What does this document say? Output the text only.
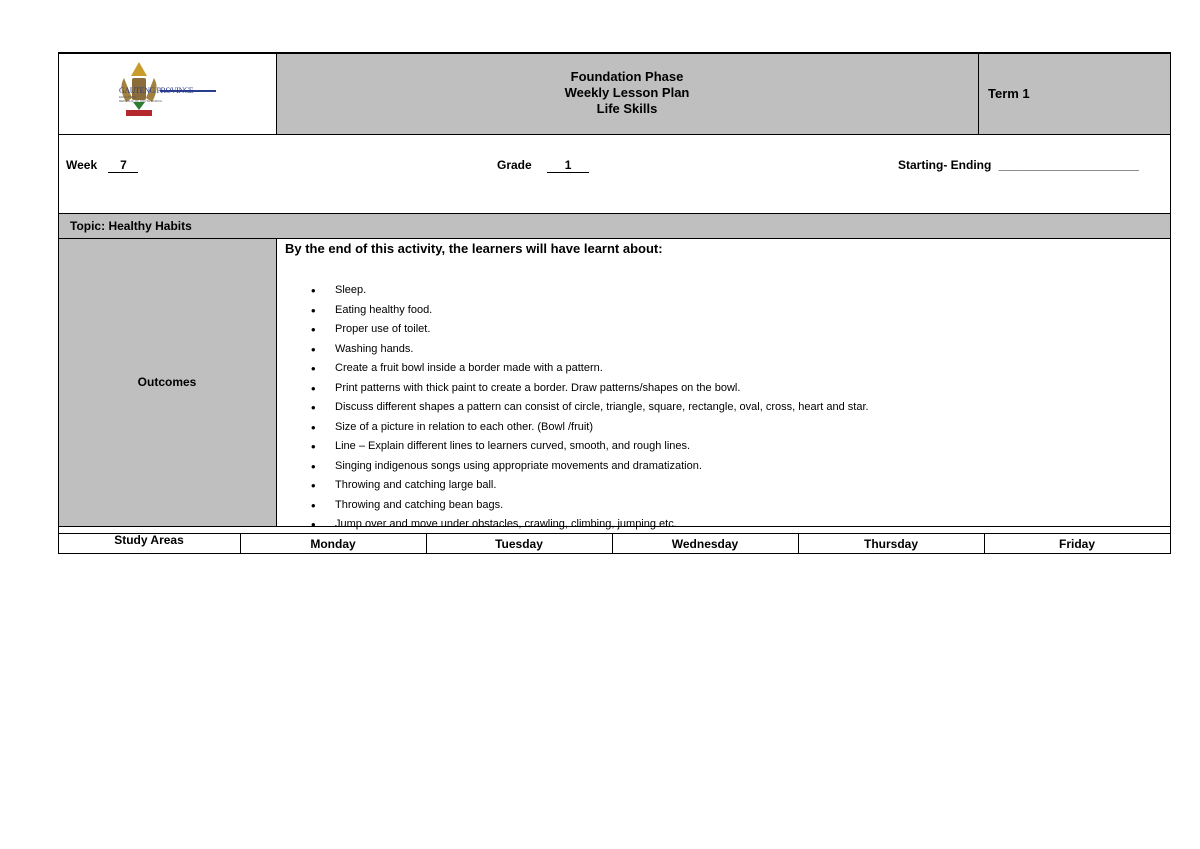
GAUTENG PROVINCE
EDUCATION
REPUBLIC OF SOUTH AFRICA
Foundation Phase
Weekly Lesson Plan
Life Skills
Term 1
Week 7	Grade	1	Starting- Ending _____________________
Topic: Healthy Habits
Outcomes
By the end of this activity, the learners will have learnt about:
• Sleep.
• Eating healthy food.
• Proper use of toilet.
• Washing hands.
• Create a fruit bowl inside a border made with a pattern.
• Print patterns with thick paint to create a border. Draw patterns/shapes on the bowl.
• Discuss different shapes a pattern can consist of circle, triangle, square, rectangle, oval, cross, heart and star.
• Size of a picture in relation to each other. (Bowl /fruit)
• Line – Explain different lines to learners curved, smooth, and rough lines.
• Singing indigenous songs using appropriate movements and dramatization.
• Throwing and catching large ball.
• Throwing and catching bean bags.
• Jump over and move under obstacles, crawling, climbing, jumping etc.
Study Areas	Monday	Tuesday	Wednesday	Thursday	Friday
